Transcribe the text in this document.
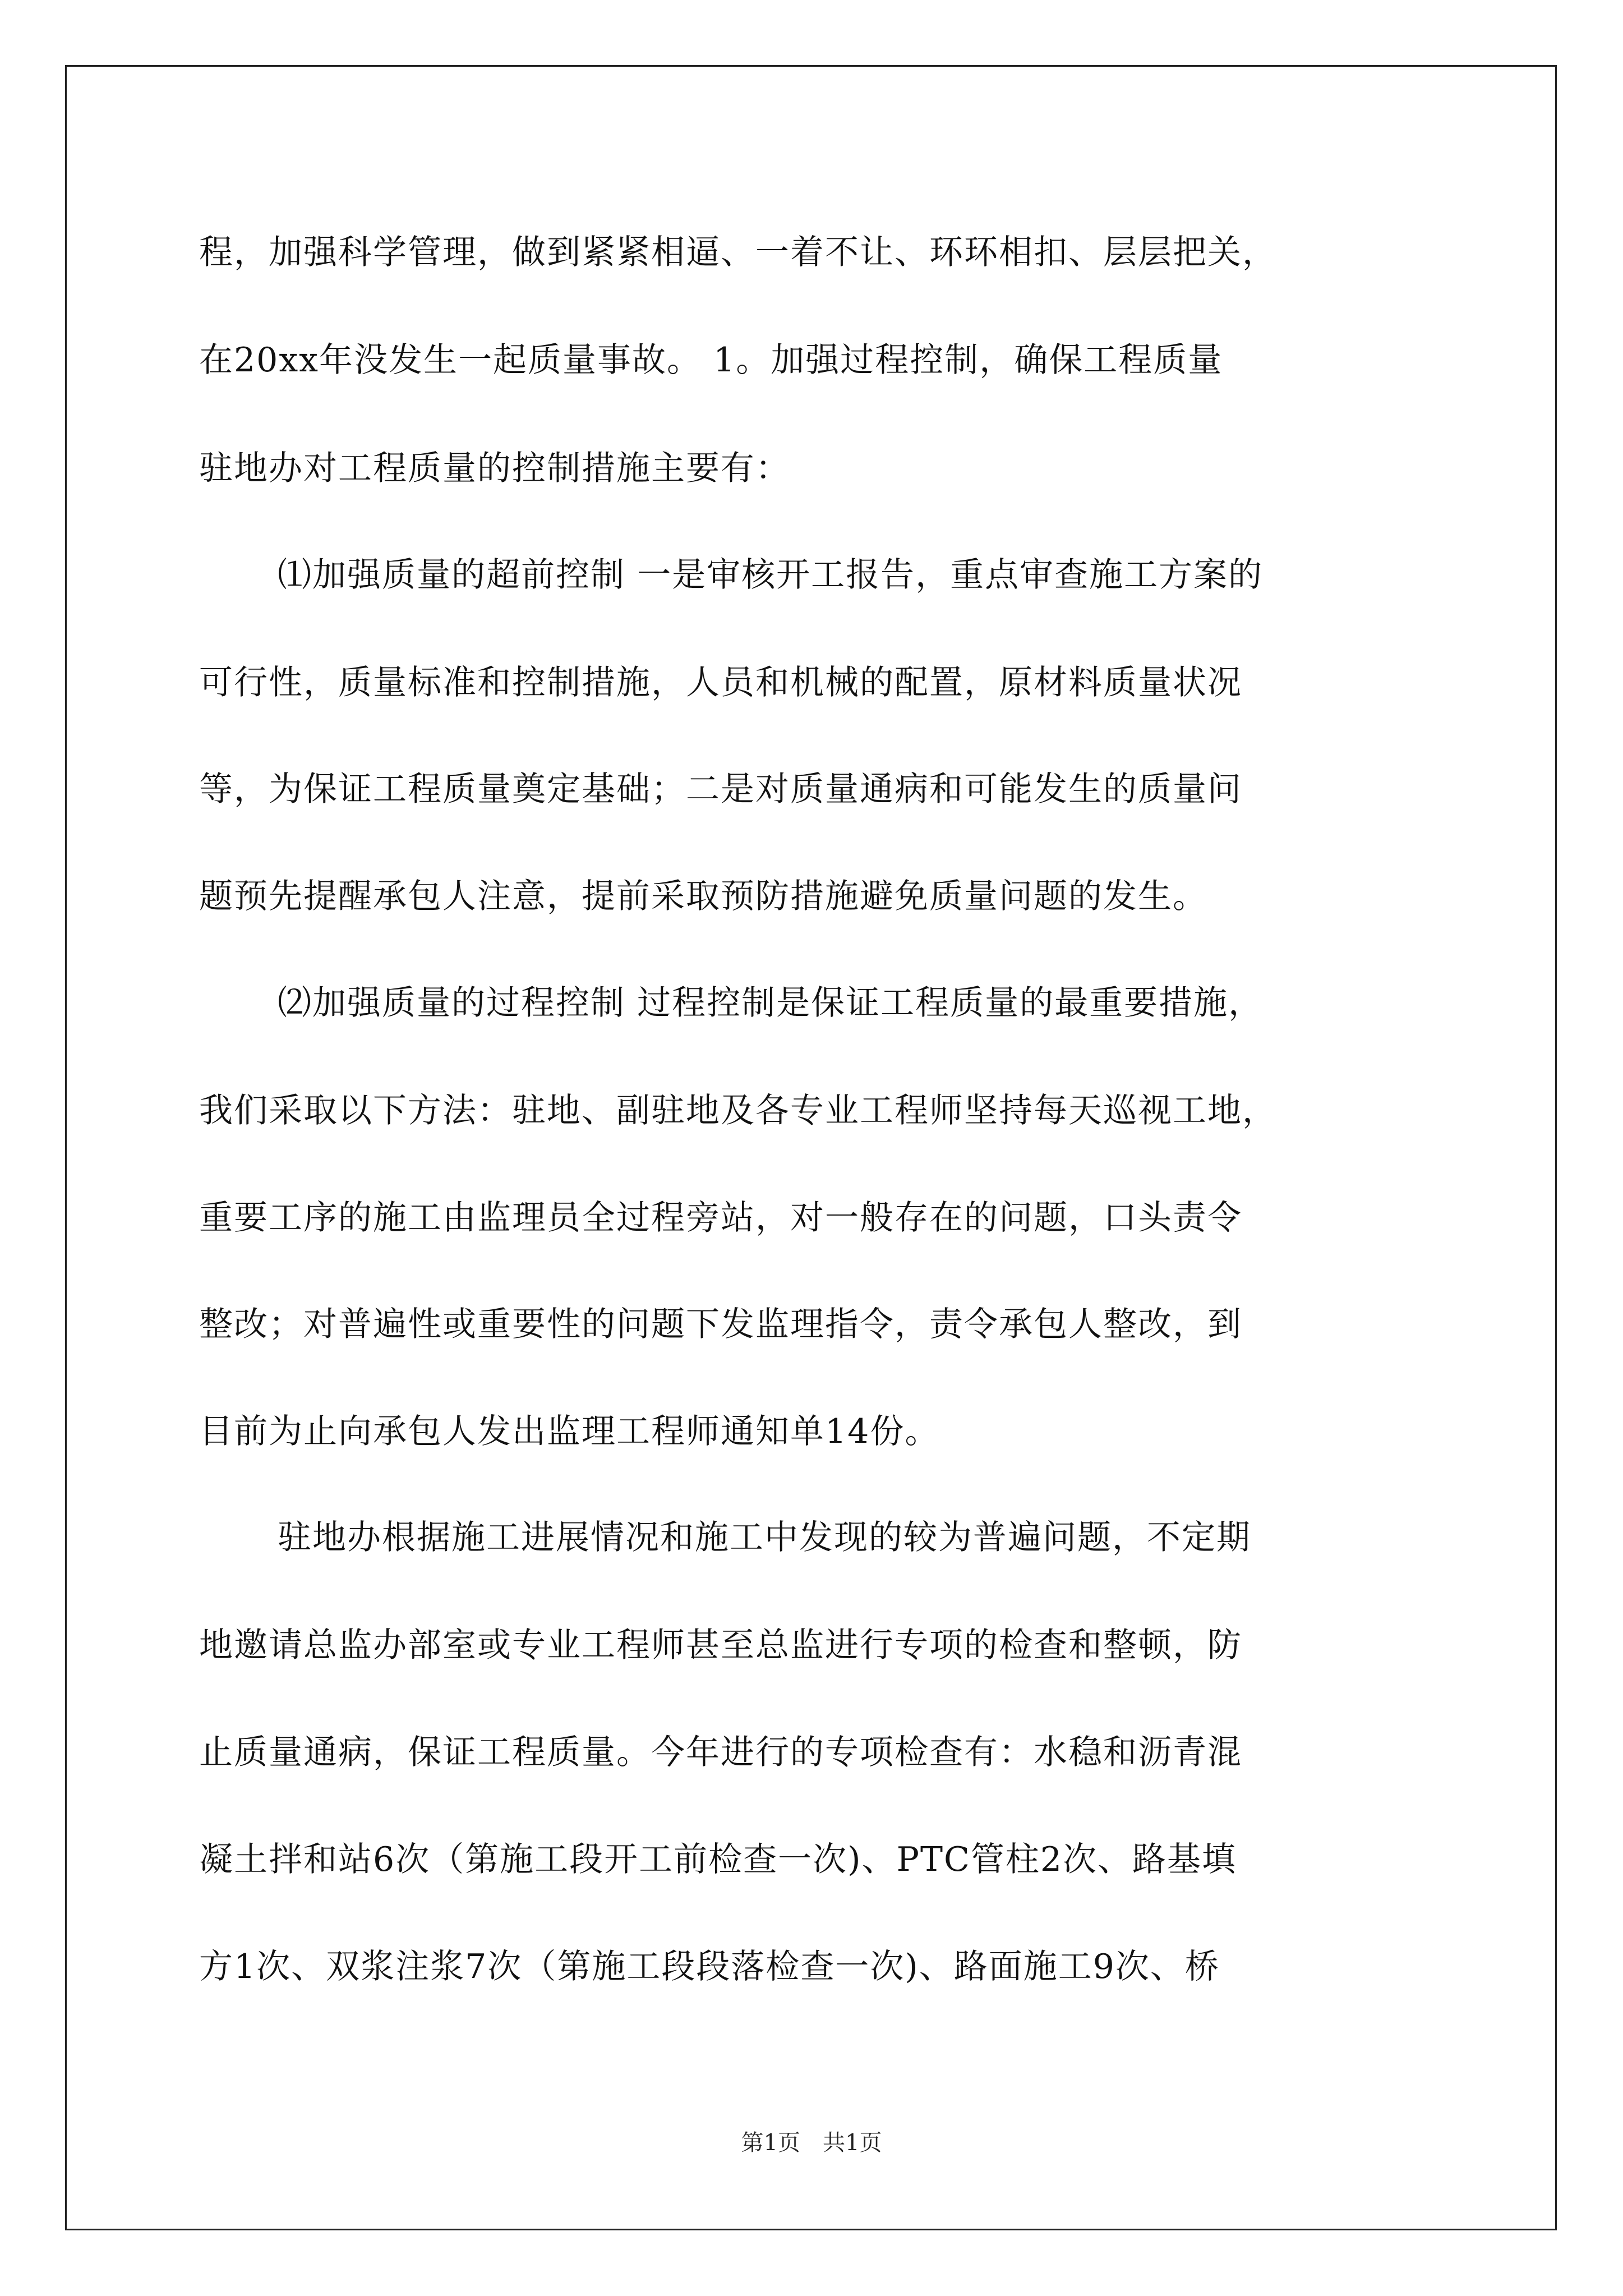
程，加强科学管理，做到紧紧相逼、一着不让、环环相扣、层层把关，
在20xx年没发生一起质量事故。 1。加强过程控制，确保工程质量
驻地办对工程质量的控制措施主要有：
⑴加强质量的超前控制 一是审核开工报告，重点审查施工方案的
可行性，质量标准和控制措施，人员和机械的配置，原材料质量状况
等，为保证工程质量奠定基础；二是对质量通病和可能发生的质量问
题预先提醒承包人注意，提前采取预防措施避免质量问题的发生。
⑵加强质量的过程控制 过程控制是保证工程质量的最重要措施，
我们采取以下方法：驻地、副驻地及各专业工程师坚持每天巡视工地，
重要工序的施工由监理员全过程旁站，对一般存在的问题，口头责令
整改；对普遍性或重要性的问题下发监理指令，责令承包人整改，到
目前为止向承包人发出监理工程师通知单14份。
驻地办根据施工进展情况和施工中发现的较为普遍问题，不定期
地邀请总监办部室或专业工程师甚至总监进行专项的检查和整顿，防
止质量通病，保证工程质量。今年进行的专项检查有：水稳和沥青混
凝土拌和站6次（第施工段开工前检查一次)、PTC管柱2次、路基填
方1次、双浆注浆7次（第施工段段落检查一次)、路面施工9次、桥
第1页　共1页
